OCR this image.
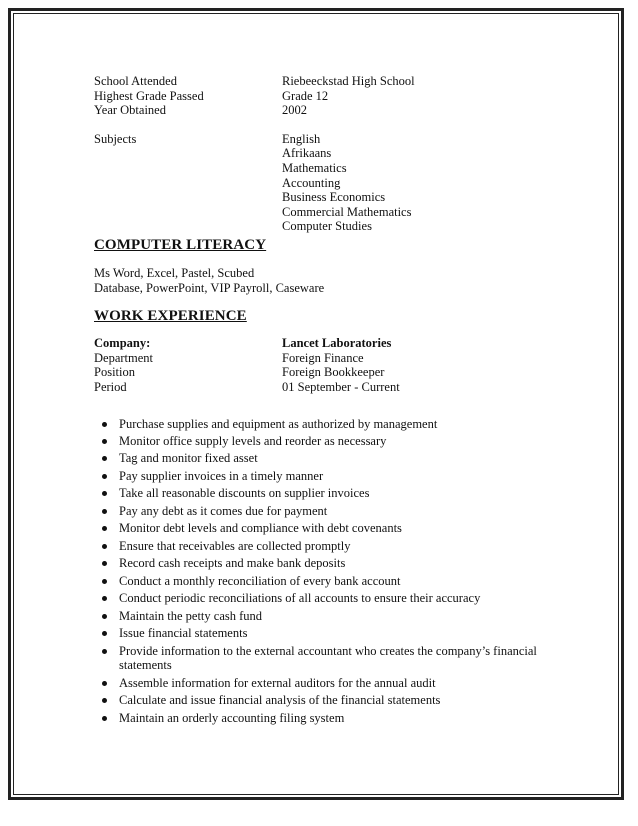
School Attended	Riebeeckstad High School
Highest Grade Passed	Grade 12
Year Obtained	2002
Subjects	English
Afrikaans
Mathematics
Accounting
Business Economics
Commercial Mathematics
Computer Studies
COMPUTER LITERACY
Ms Word, Excel, Pastel, Scubed
Database, PowerPoint, VIP Payroll, Caseware
WORK EXPERIENCE
Company:	Lancet Laboratories
Department	Foreign Finance
Position	Foreign Bookkeeper
Period	01 September - Current
Purchase supplies and equipment as authorized by management
Monitor office supply levels and reorder as necessary
Tag and monitor fixed asset
Pay supplier invoices in a timely manner
Take all reasonable discounts on supplier invoices
Pay any debt as it comes due for payment
Monitor debt levels and compliance with debt covenants
Ensure that receivables are collected promptly
Record cash receipts and make bank deposits
Conduct a monthly reconciliation of every bank account
Conduct periodic reconciliations of all accounts to ensure their accuracy
Maintain the petty cash fund
Issue financial statements
Provide information to the external accountant who creates the company’s financial statements
Assemble information for external auditors for the annual audit
Calculate and issue financial analysis of the financial statements
Maintain an orderly accounting filing system
